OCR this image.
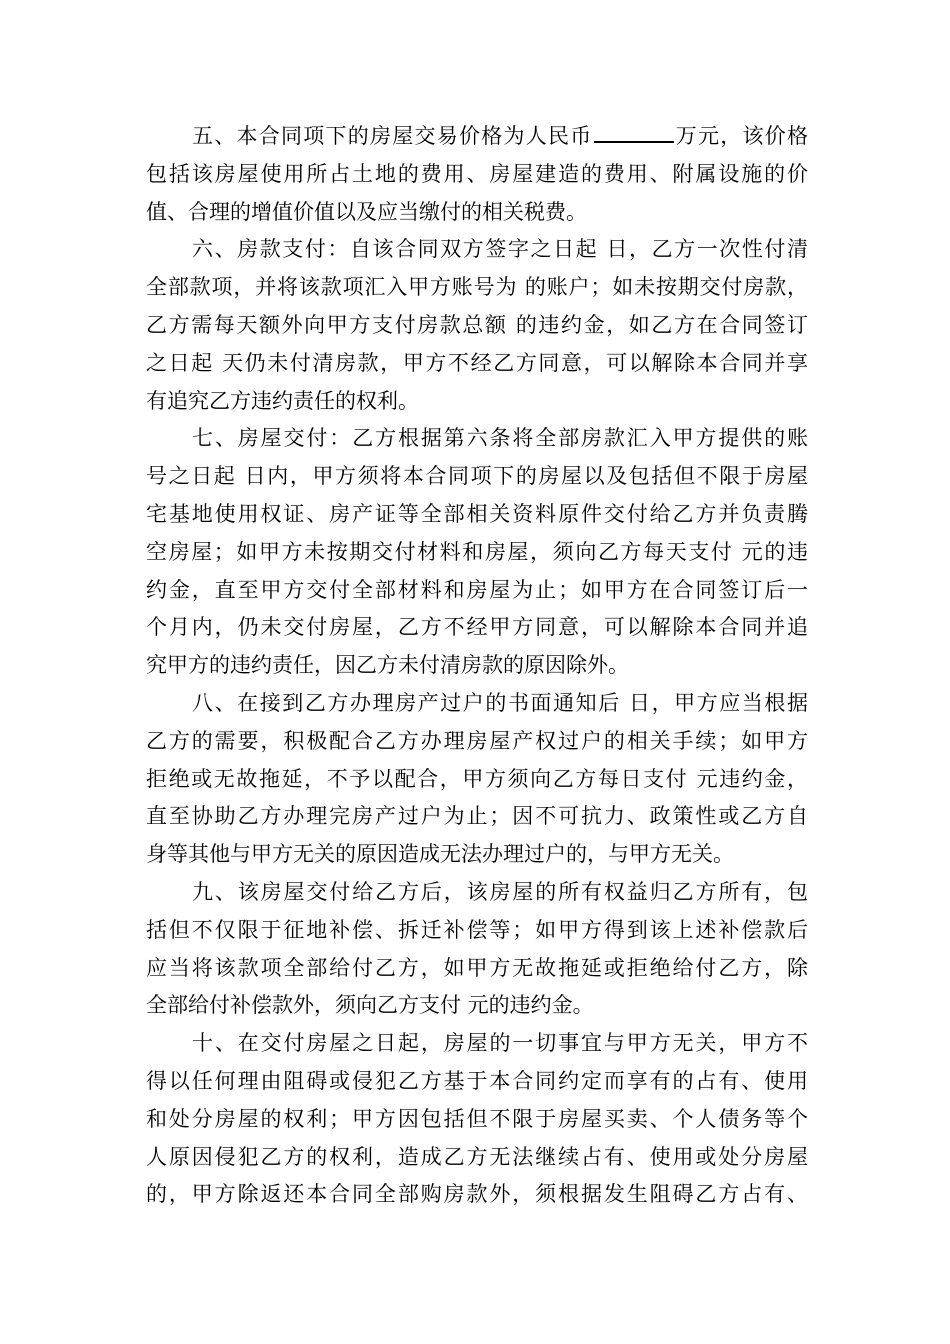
五、本合同项下的房屋交易价格为人民币	万元，该价格
包括该房屋使用所占土地的费用、房屋建造的费用、附属设施的价
值、合理的增值价值以及应当缴付的相关税费。
六、房款支付：自该合同双方签字之日起 日，乙方一次性付清
全部款项，并将该款项汇入甲方账号为 的账户；如未按期交付房款，
乙方需每天额外向甲方支付房款总额 的违约金，如乙方在合同签订
之日起 天仍未付清房款，甲方不经乙方同意，可以解除本合同并享
有追究乙方违约责任的权利。
七、房屋交付：乙方根据第六条将全部房款汇入甲方提供的账
号之日起 日内，甲方须将本合同项下的房屋以及包括但不限于房屋
宅基地使用权证、房产证等全部相关资料原件交付给乙方并负责腾
空房屋；如甲方未按期交付材料和房屋，须向乙方每天支付 元的违
约金，直至甲方交付全部材料和房屋为止；如甲方在合同签订后一
个月内，仍未交付房屋，乙方不经甲方同意，可以解除本合同并追
究甲方的违约责任，因乙方未付清房款的原因除外。
八、在接到乙方办理房产过户的书面通知后 日，甲方应当根据
乙方的需要，积极配合乙方办理房屋产权过户的相关手续；如甲方
拒绝或无故拖延，不予以配合，甲方须向乙方每日支付 元违约金，
直至协助乙方办理完房产过户为止；因不可抗力、政策性或乙方自
身等其他与甲方无关的原因造成无法办理过户的，与甲方无关。
九、该房屋交付给乙方后，该房屋的所有权益归乙方所有，包
括但不仅限于征地补偿、拆迁补偿等；如甲方得到该上述补偿款后
应当将该款项全部给付乙方，如甲方无故拖延或拒绝给付乙方，除
全部给付补偿款外，须向乙方支付 元的违约金。
十、在交付房屋之日起，房屋的一切事宜与甲方无关，甲方不
得以任何理由阻碍或侵犯乙方基于本合同约定而享有的占有、使用
和处分房屋的权利；甲方因包括但不限于房屋买卖、个人债务等个
人原因侵犯乙方的权利，造成乙方无法继续占有、使用或处分房屋
的，甲方除返还本合同全部购房款外，须根据发生阻碍乙方占有、
